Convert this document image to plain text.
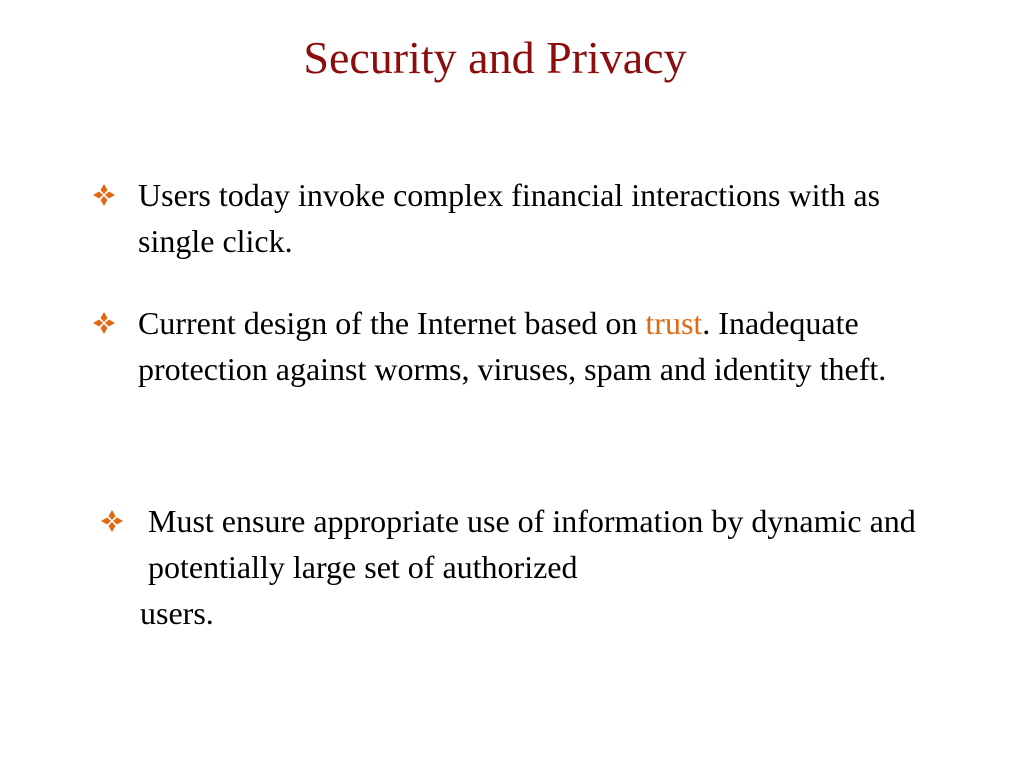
Security and Privacy
Users today invoke complex financial interactions with as single click.
Current design of the Internet based on trust. Inadequate protection against worms, viruses, spam and identity theft.
Must ensure appropriate use of information by dynamic and potentially large set of authorized
users.
